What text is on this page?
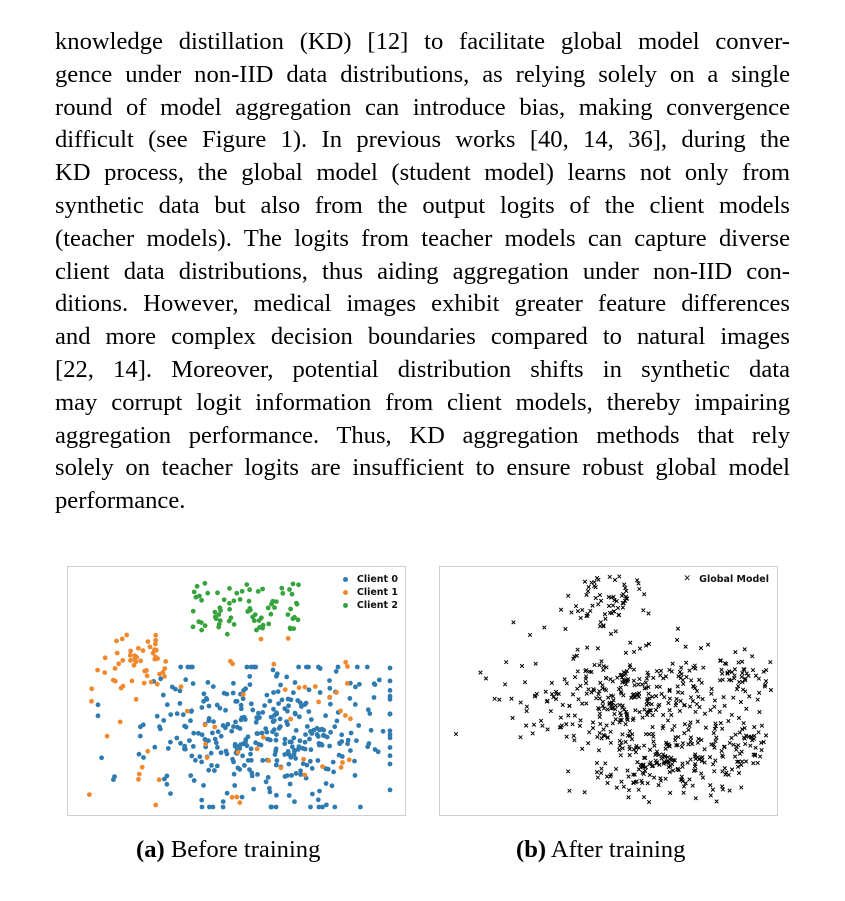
knowledge distillation (KD) [12] to facilitate global model conver-
gence under non-IID data distributions, as relying solely on a single
round of model aggregation can introduce bias, making convergence
difficult (see Figure 1). In previous works [40, 14, 36], during the
KD process, the global model (student model) learns not only from
synthetic data but also from the output logits of the client models
(teacher models). The logits from teacher models can capture diverse
client data distributions, thus aiding aggregation under non-IID con-
ditions. However, medical images exhibit greater feature differences
and more complex decision boundaries compared to natural images
[22, 14]. Moreover, potential distribution shifts in synthetic data
may corrupt logit information from client models, thereby impairing
aggregation performance. Thus, KD aggregation methods that rely
solely on teacher logits are insufficient to ensure robust global model
performance.
Client 0
Client 1
Client 2
✕ Global Model
(a) Before training	(b) After training
